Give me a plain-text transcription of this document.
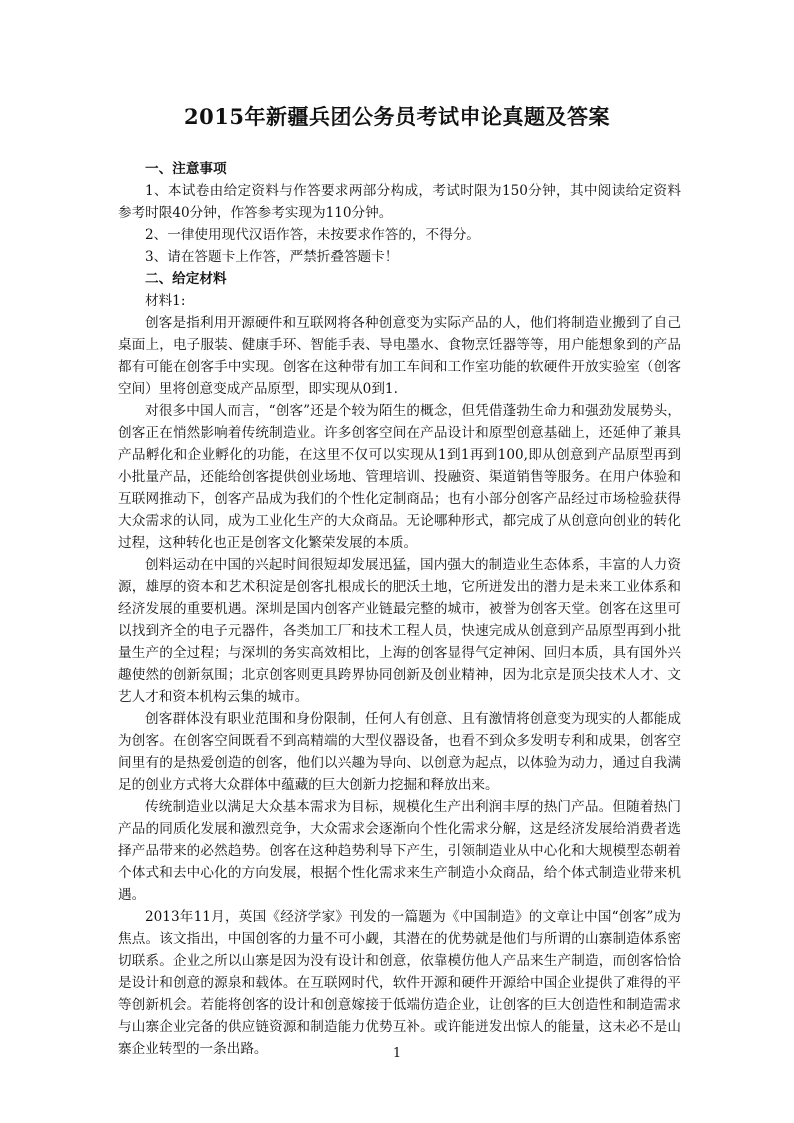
2015年新疆兵团公务员考试申论真题及答案

一、注意事项

1、本试卷由给定资料与作答要求两部分构成，考试时限为150分钟，其中阅读给定资料参考时限40分钟，作答参考实现为110分钟。

2、一律使用现代汉语作答，未按要求作答的，不得分。

3、请在答题卡上作答，严禁折叠答题卡！

二、给定材料

材料1:

创客是指利用开源硬件和互联网将各种创意变为实际产品的人，他们将制造业搬到了自己桌面上，电子服装、健康手环、智能手表、导电墨水、食物烹饪器等等，用户能想象到的产品都有可能在创客手中实现。创客在这种带有加工车间和工作室功能的软硬件开放实验室（创客空间）里将创意变成产品原型，即实现从0到1.

对很多中国人而言，“创客”还是个较为陌生的概念，但凭借蓬勃生命力和强劲发展势头，创客正在悄然影响着传统制造业。许多创客空间在产品设计和原型创意基础上，还延伸了兼具产品孵化和企业孵化的功能，在这里不仅可以实现从1到1再到100,即从创意到产品原型再到小批量产品，还能给创客提供创业场地、管理培训、投融资、渠道销售等服务。在用户体验和互联网推动下，创客产品成为我们的个性化定制商品；也有小部分创客产品经过市场检验获得大众需求的认同，成为工业化生产的大众商品。无论哪种形式，都完成了从创意向创业的转化过程，这种转化也正是创客文化繁荣发展的本质。

创料运动在中国的兴起时间很短却发展迅猛，国内强大的制造业生态体系，丰富的人力资源，雄厚的资本和艺术积淀是创客扎根成长的肥沃土地，它所迸发出的潜力是未来工业体系和经济发展的重要机遇。深圳是国内创客产业链最完整的城市，被誉为创客天堂。创客在这里可以找到齐全的电子元器件，各类加工厂和技术工程人员，快速完成从创意到产品原型再到小批量生产的全过程；与深圳的务实高效相比，上海的创客显得气定神闲、回归本质，具有国外兴趣使然的创新氛围；北京创客则更具跨界协同创新及创业精神，因为北京是顶尖技术人才、文艺人才和资本机构云集的城市。

创客群体没有职业范围和身份限制，任何人有创意、且有激情将创意变为现实的人都能成为创客。在创客空间既看不到高精端的大型仪器设备，也看不到众多发明专利和成果，创客空间里有的是热爱创造的创客，他们以兴趣为导向、以创意为起点，以体验为动力，通过自我满足的创业方式将大众群体中蕴藏的巨大创新力挖掘和释放出来。

传统制造业以满足大众基本需求为目标，规模化生产出利润丰厚的热门产品。但随着热门产品的同质化发展和激烈竞争，大众需求会逐渐向个性化需求分解，这是经济发展给消费者选择产品带来的必然趋势。创客在这种趋势利导下产生，引领制造业从中心化和大规模型态朝着个体式和去中心化的方向发展，根据个性化需求来生产制造小众商品，给个体式制造业带来机遇。

2013年11月，英国《经济学家》刊发的一篇题为《中国制造》的文章让中国“创客”成为焦点。该文指出，中国创客的力量不可小觑，其潜在的优势就是他们与所谓的山寨制造体系密切联系。企业之所以山寨是因为没有设计和创意，依靠模仿他人产品来生产制造，而创客恰恰是设计和创意的源泉和载体。在互联网时代，软件开源和硬件开源给中国企业提供了难得的平等创新机会。若能将创客的设计和创意嫁接于低端仿造企业，让创客的巨大创造性和制造需求与山寨企业完备的供应链资源和制造能力优势互补。或许能迸发出惊人的能量，这未必不是山寨企业转型的一条出路。	1
